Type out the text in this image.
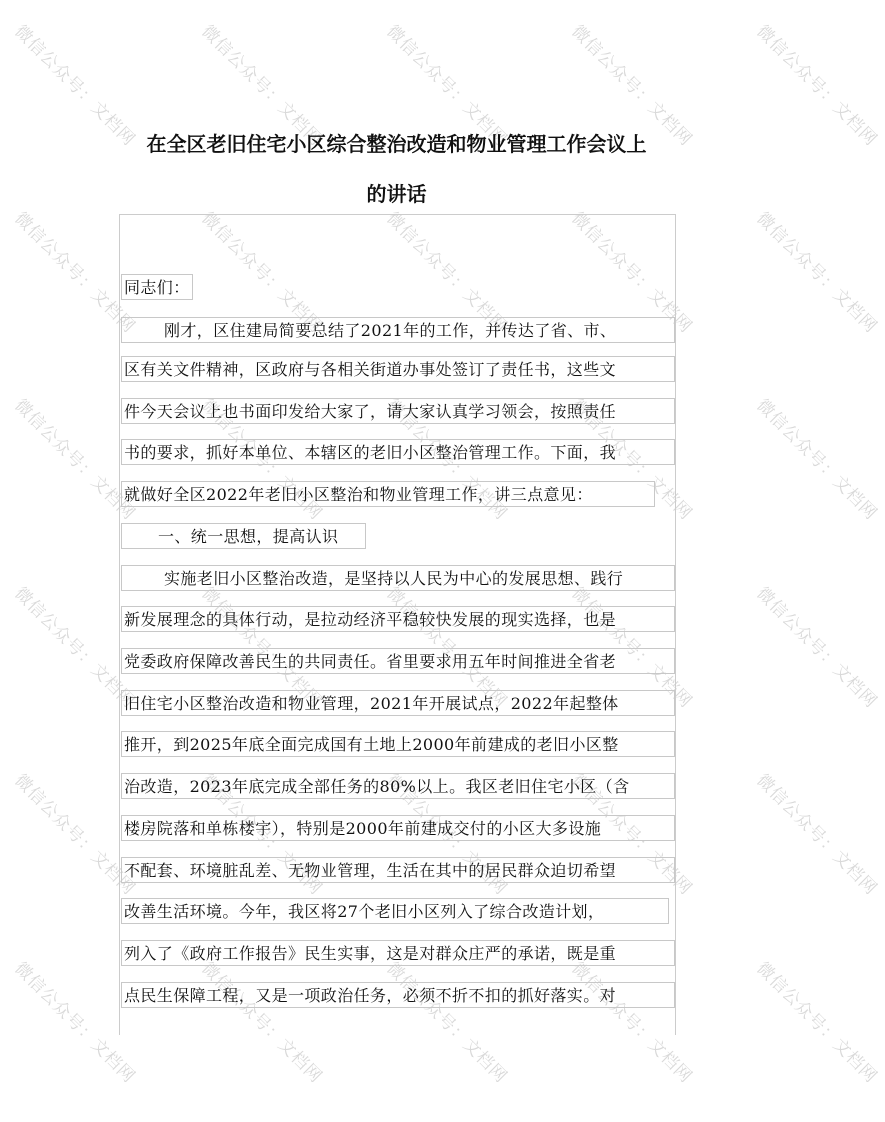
微信公众号：文档网	微信公众号：文档网	微信公众号：文档网	微信公众号：文档网	微信公众号：文档网
微信公众号：文档网	微信公众号：文档网	微信公众号：文档网	微信公众号：文档网	微信公众号：文档网
微信公众号：文档网	微信公众号：文档网	微信公众号：文档网	微信公众号：文档网	微信公众号：文档网
微信公众号：文档网	微信公众号：文档网	微信公众号：文档网	微信公众号：文档网	微信公众号：文档网
微信公众号：文档网	微信公众号：文档网	微信公众号：文档网	微信公众号：文档网	微信公众号：文档网
微信公众号：文档网	微信公众号：文档网	微信公众号：文档网	微信公众号：文档网	微信公众号：文档网
在全区老旧住宅小区综合整治改造和物业管理工作会议上
的讲话
同志们：
刚才，区住建局简要总结了2021年的工作，并传达了省、市、
区有关文件精神，区政府与各相关街道办事处签订了责任书，这些文
件今天会议上也书面印发给大家了，请大家认真学习领会，按照责任
书的要求，抓好本单位、本辖区的老旧小区整治管理工作。下面，我
就做好全区2022年老旧小区整治和物业管理工作，讲三点意见：
一、统一思想，提高认识
实施老旧小区整治改造，是坚持以人民为中心的发展思想、践行
新发展理念的具体行动，是拉动经济平稳较快发展的现实选择，也是
党委政府保障改善民生的共同责任。省里要求用五年时间推进全省老
旧住宅小区整治改造和物业管理，2021年开展试点，2022年起整体
推开，到2025年底全面完成国有土地上2000年前建成的老旧小区整
治改造，2023年底完成全部任务的80%以上。我区老旧住宅小区（含
楼房院落和单栋楼宇），特别是2000年前建成交付的小区大多设施
不配套、环境脏乱差、无物业管理，生活在其中的居民群众迫切希望
改善生活环境。今年，我区将27个老旧小区列入了综合改造计划，
列入了《政府工作报告》民生实事，这是对群众庄严的承诺，既是重
点民生保障工程，又是一项政治任务，必须不折不扣的抓好落实。对
